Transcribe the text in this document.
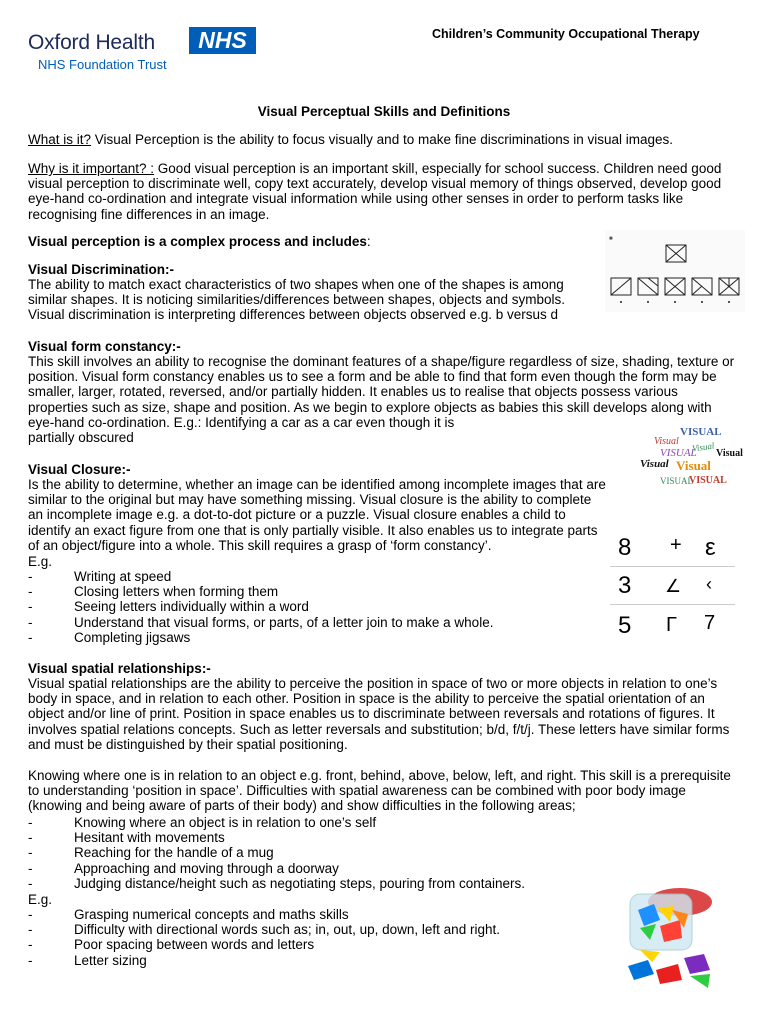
Oxford Health	NHS
NHS Foundation Trust
Children’s Community Occupational Therapy
Visual Perceptual Skills and Definitions
What is it? Visual Perception is the ability to focus visually and to make fine discriminations in visual images.
Why is it important? : Good visual perception is an important skill, especially for school success. Children need good visual perception to discriminate well, copy text accurately, develop visual memory of things observed, develop good eye-hand co-ordination and integrate visual information while using other senses in order to perform tasks like recognising fine differences in an image.
Visual perception is a complex process and includes:
Visual Discrimination:-
The ability to match exact characteristics of two shapes when one of the shapes is among similar shapes. It is noticing similarities/differences between shapes, objects and symbols. Visual discrimination is interpreting differences between objects observed e.g. b versus d
■
Visual form constancy:-
This skill involves an ability to recognise the dominant features of a shape/figure regardless of size, shading, texture or position. Visual form constancy enables us to see a form and be able to find that form even though the form may be smaller, larger, rotated, reversed, and/or partially hidden. It enables us to realise that objects possess various properties such as size, shape and position. As we begin to explore objects as babies this skill develops along with eye-hand co-ordination. E.g.: Identifying a car as a car even though it is
partially obscured	VISUAL
Visual Visual
VISUAL Visual
Visual Visual
VISUAL
VISUAL
Visual Closure:-
Is the ability to determine, whether an image can be identified among incomplete images that are similar to the original but may have something missing. Visual closure is the ability to complete an incomplete image e.g. a dot-to-dot picture or a puzzle. Visual closure enables a child to identify an exact figure from one that is only partially visible. It also enables us to integrate parts of an object/figure into a whole. This skill requires a grasp of ‘form constancy’.
E.g.
-	Writing at speed
-	Closing letters when forming them
-	Seeing letters individually within a word
-	Understand that visual forms, or parts, of a letter join to make a whole.
-	Completing jigsaws
8 + ε
3 ∠ ‹
5 Г 7
Visual spatial relationships:-
Visual spatial relationships are the ability to perceive the position in space of two or more objects in relation to one’s body in space, and in relation to each other. Position in space is the ability to perceive the spatial orientation of an object and/or line of print. Position in space enables us to discriminate between reversals and rotations of figures. It involves spatial relations concepts. Such as letter reversals and substitution; b/d, f/t/j. These letters have similar forms and must be distinguished by their spatial positioning.
Knowing where one is in relation to an object e.g. front, behind, above, below, left, and right. This skill is a prerequisite to understanding ‘position in space’. Difficulties with spatial awareness can be combined with poor body image (knowing and being aware of parts of their body) and show difficulties in the following areas;
-	Knowing where an object is in relation to one’s self
-	Hesitant with movements
-	Reaching for the handle of a mug
-	Approaching and moving through a doorway
-	Judging distance/height such as negotiating steps, pouring from containers.
E.g.
-	Grasping numerical concepts and maths skills
-	Difficulty with directional words such as; in, out, up, down, left and right.
-	Poor spacing between words and letters
-	Letter sizing
